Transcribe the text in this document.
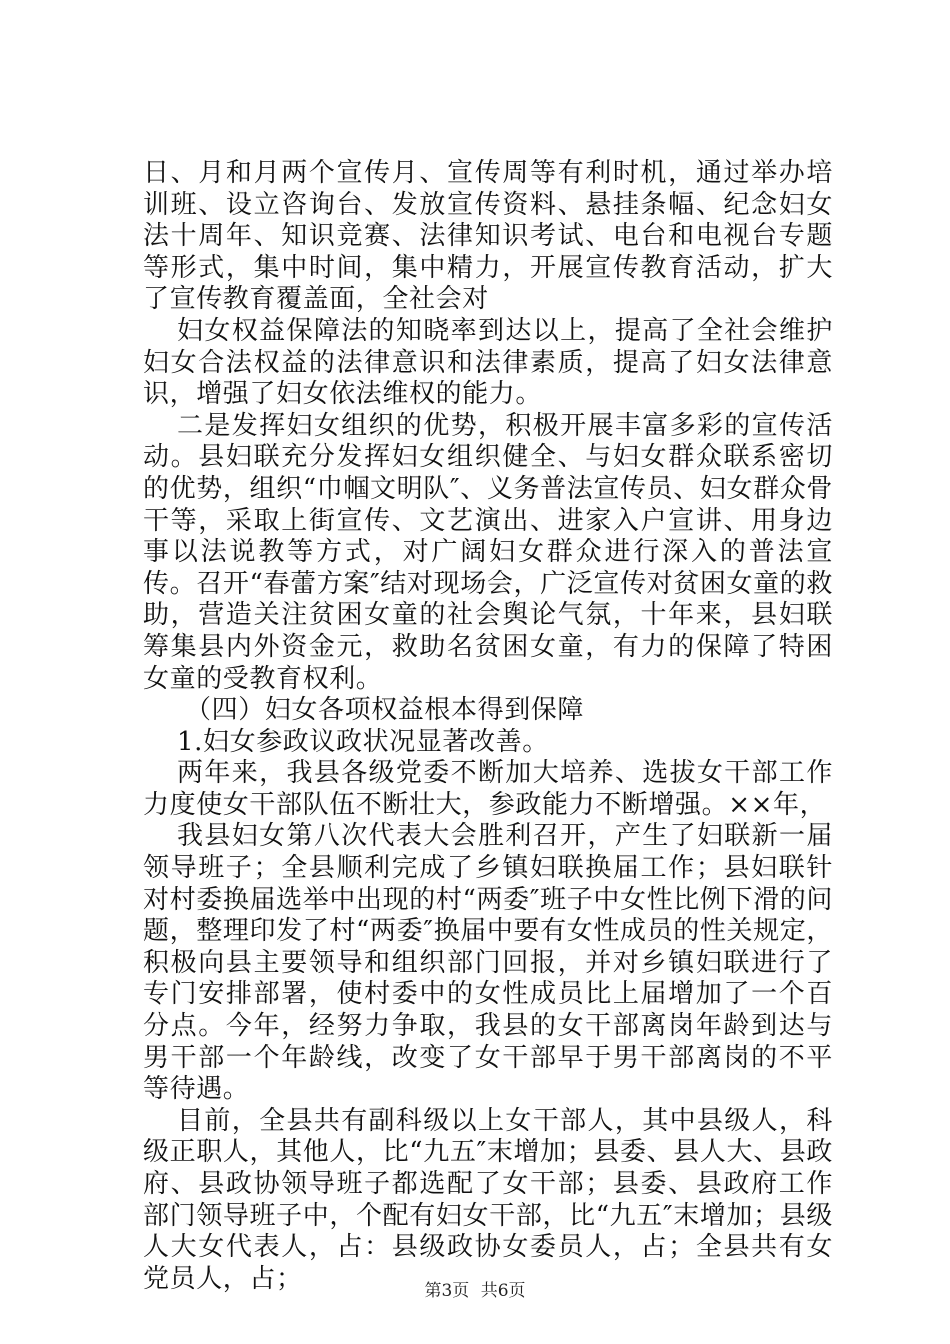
日、月和月两个宣传月、宣传周等有利时机，通过举办培训班、设立咨询台、发放宣传资料、悬挂条幅、纪念妇女法十周年、知识竞赛、法律知识考试、电台和电视台专题等形式，集中时间，集中精力，开展宣传教育活动，扩大了宣传教育覆盖面，全社会对

妇女权益保障法的知晓率到达以上，提高了全社会维护妇女合法权益的法律意识和法律素质，提高了妇女法律意识，增强了妇女依法维权的能力。

二是发挥妇女组织的优势，积极开展丰富多彩的宣传活动。县妇联充分发挥妇女组织健全、与妇女群众联系密切的优势，组织“巾帼文明队″、义务普法宣传员、妇女群众骨干等，采取上街宣传、文艺演出、进家入户宣讲、用身边事以法说教等方式，对广阔妇女群众进行深入的普法宣传。召开“春蕾方案″结对现场会，广泛宣传对贫困女童的救助，营造关注贫困女童的社会舆论气氛，十年来，县妇联筹集县内外资金元，救助名贫困女童，有力的保障了特困女童的受教育权利。

（四）妇女各项权益根本得到保障

1.妇女参政议政状况显著改善。

两年来，我县各级党委不断加大培养、选拔女干部工作力度使女干部队伍不断壮大，参政能力不断增强。××年，

我县妇女第八次代表大会胜利召开，产生了妇联新一届领导班子；全县顺利完成了乡镇妇联换届工作；县妇联针对村委换届选举中出现的村“两委″班子中女性比例下滑的问题，整理印发了村“两委″换届中要有女性成员的性关规定，积极向县主要领导和组织部门回报，并对乡镇妇联进行了专门安排部署，使村委中的女性成员比上届增加了一个百分点。今年，经努力争取，我县的女干部离岗年龄到达与男干部一个年龄线，改变了女干部早于男干部离岗的不平等待遇。

目前，全县共有副科级以上女干部人，其中县级人，科级正职人，其他人，比“九五″末增加；县委、县人大、县政府、县政协领导班子都选配了女干部；县委、县政府工作部门领导班子中，个配有妇女干部，比“九五″末增加；县级人大女代表人，占：县级政协女委员人，占；全县共有女党员人，占；	第3页 共6页
